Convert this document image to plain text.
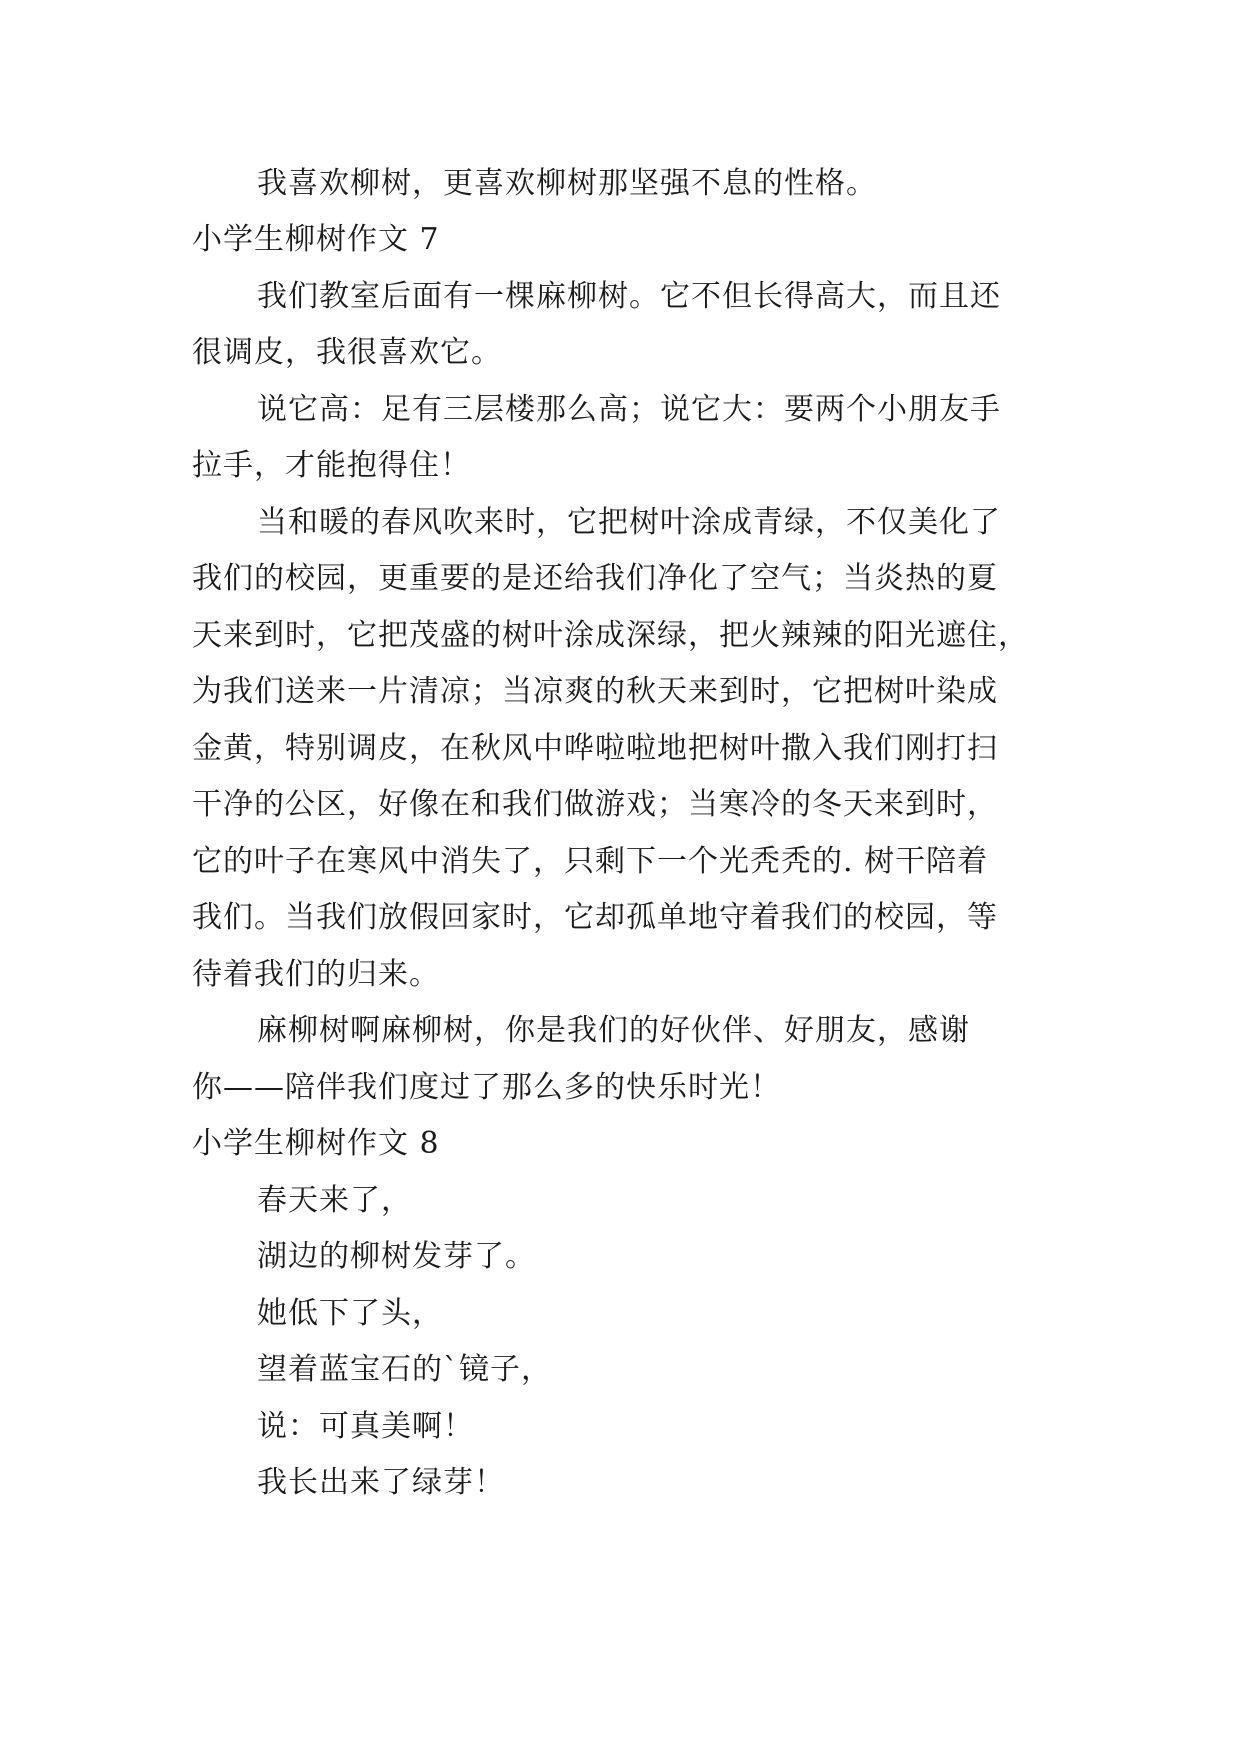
我喜欢柳树，更喜欢柳树那坚强不息的性格。
小学生柳树作文 7
我们教室后面有一棵麻柳树。它不但长得高大，而且还
很调皮，我很喜欢它。
说它高：足有三层楼那么高；说它大：要两个小朋友手
拉手，才能抱得住！
当和暖的春风吹来时，它把树叶涂成青绿，不仅美化了
我们的校园，更重要的是还给我们净化了空气；当炎热的夏
天来到时，它把茂盛的树叶涂成深绿，把火辣辣的阳光遮住，
为我们送来一片清凉；当凉爽的秋天来到时，它把树叶染成
金黄，特别调皮，在秋风中哗啦啦地把树叶撒入我们刚打扫
干净的公区，好像在和我们做游戏；当寒冷的冬天来到时，
它的叶子在寒风中消失了，只剩下一个光秃秃的. 树干陪着
我们。当我们放假回家时，它却孤单地守着我们的校园，等
待着我们的归来。
麻柳树啊麻柳树，你是我们的好伙伴、好朋友，感谢
你——陪伴我们度过了那么多的快乐时光！
小学生柳树作文 8
春天来了，
湖边的柳树发芽了。
她低下了头，
望着蓝宝石的`镜子，
说：可真美啊！
我长出来了绿芽！
